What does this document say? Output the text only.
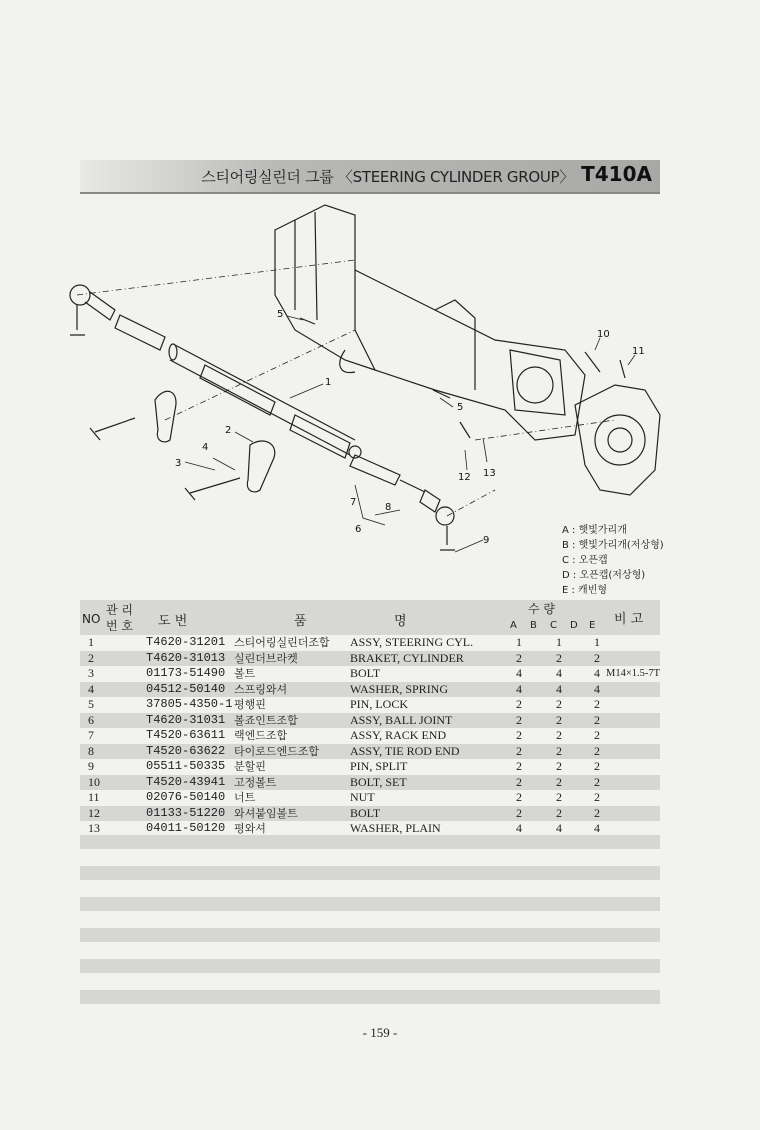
스티어링실린더 그룹 〈STEERING CYLINDER GROUP〉 T410A
1
2
3
4
5
5
6
7	8
9
10
11
12 13
A : 햇빛가리개
B : 햇빛가리개(저상형)
C : 오픈캡
D : 오픈캡(저상형)
E : 캐빈형
NO
관 리
번 호 도 번	품	명
수 량
A B C D E 비 고
1	T4620-31201 스티어링실린더조합 ASSY, STEERING CYL.	1	1	1
2	T4620-31013 실린더브라켓	BRAKET, CYLINDER	2	2	2
3	01173-51490 볼트	BOLT	4	4	4 M14×1.5-7T
4	04512-50140 스프링와셔	WASHER, SPRING	4	4	4
5	37805-4350-1 평행핀	PIN, LOCK	2	2	2
6	T4620-31031 볼죠인트조합	ASSY, BALL JOINT	2	2	2
7	T4520-63611 랙엔드조합	ASSY, RACK END	2	2	2
8	T4520-63622 타이로드엔드조합	ASSY, TIE ROD END	2	2	2
9	05511-50335 분할핀	PIN, SPLIT	2	2	2
10	T4520-43941 고정볼트	BOLT, SET	2	2	2
11	02076-50140 너트	NUT	2	2	2
12	01133-51220 와셔붙임볼트	BOLT	2	2	2
13	04011-50120 평와셔	WASHER, PLAIN	4	4	4
- 159 -
